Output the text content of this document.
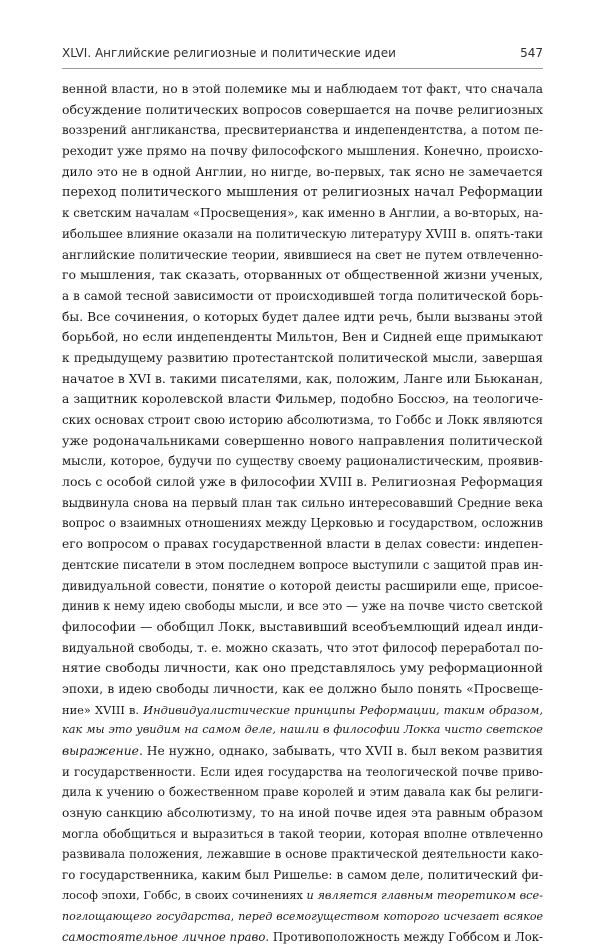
XLVI. Английские религиозные и политические идеи	547
венной власти, но в этой полемике мы и наблюдаем тот факт, что сначала
обсуждение политических вопросов совершается на почве религиозных
воззрений англиканства, пресвитерианства и индепендентства, а потом пе-
реходит уже прямо на почву философского мышления. Конечно, происхо-
дило это не в одной Англии, но нигде, во-первых, так ясно не замечается
переход политического мышления от религиозных начал Реформации
к светским началам «Просвещения», как именно в Англии, а во-вторых, на-
ибольшее влияние оказали на политическую литературу XVIII в. опять-таки
английские политические теории, явившиеся на свет не путем отвлеченно-
го мышления, так сказать, оторванных от общественной жизни ученых,
а в самой тесной зависимости от происходившей тогда политической борь-
бы. Все сочинения, о которых будет далее идти речь, были вызваны этой
борьбой, но если индепенденты Мильтон, Вен и Сидней еще примыкают
к предыдущему развитию протестантской политической мысли, завершая
начатое в XVI в. такими писателями, как, положим, Ланге или Бьюканан,
а защитник королевской власти Фильмер, подобно Боссюэ, на теологиче-
ских основах строит свою историю абсолютизма, то Гоббс и Локк являются
уже родоначальниками совершенно нового направления политической
мысли, которое, будучи по существу своему рационалистическим, проявив-
лось с особой силой уже в философии XVIII в. Религиозная Реформация
выдвинула снова на первый план так сильно интересовавший Средние века
вопрос о взаимных отношениях между Церковью и государством, осложнив
его вопросом о правах государственной власти в делах совести: индепен-
дентские писатели в этом последнем вопросе выступили с защитой прав ин-
дивидуальной совести, понятие о которой деисты расширили еще, присое-
динив к нему идею свободы мысли, и все это — уже на почве чисто светской
философии — обобщил Локк, выставивший всеобъемлющий идеал инди-
видуальной свободы, т. е. можно сказать, что этот философ переработал по-
нятие свободы личности, как оно представлялось уму реформационной
эпохи, в идею свободы личности, как ее должно было понять «Просвеще-
ние» XVIII в. Индивидуалистические принципы Реформации, таким образом,
как мы это увидим на самом деле, нашли в философии Локка чисто светское
выражение. Не нужно, однако, забывать, что XVII в. был веком развития
и государственности. Если идея государства на теологической почве приво-
дила к учению о божественном праве королей и этим давала как бы религи-
озную санкцию абсолютизму, то на иной почве идея эта равным образом
могла обобщиться и выразиться в такой теории, которая вполне отвлеченно
развивала положения, лежавшие в основе практической деятельности како-
го государственника, каким был Ришелье: в самом деле, политический фи-
лософ эпохи, Гоббс, в своих сочинениях и является главным теоретиком все-
поглощающего государства, перед всемогуществом которого исчезает всякое
самостоятельное личное право. Противоположность между Гоббсом и Лок-
